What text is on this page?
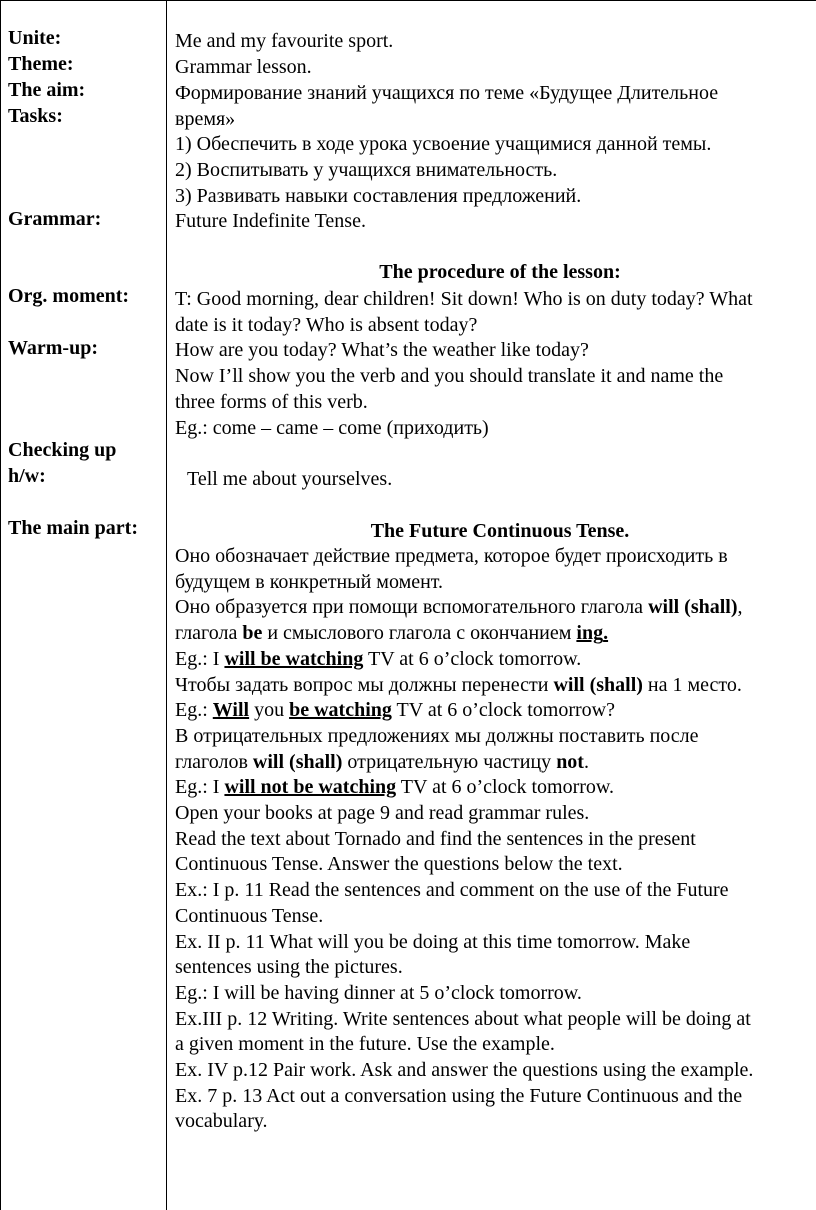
Unite:
Theme:
The aim:
Tasks:
Grammar:
Org. moment:
Warm-up:
Checking up
h/w:
The main part:
Me and my favourite sport.
Grammar lesson.
Формирование знаний учащихся по теме «Будущее Длительное
время»
1) Обеспечить в ходе урока усвоение учащимися данной темы.
2) Воспитывать у учащихся внимательность.
3) Развивать навыки составления предложений.
Future Indefinite Tense.
The procedure of the lesson:
T: Good morning, dear children! Sit down! Who is on duty today? What
date is it today? Who is absent today?
How are you today? What’s the weather like today?
Now I’ll show you the verb and you should translate it and name the
three forms of this verb.
Eg.: come – came – come (приходить)
Tell me about yourselves.
The Future Continuous Tense.
Оно обозначает действие предмета, которое будет происходить в
будущем в конкретный момент.
Оно образуется при помощи вспомогательного глагола will (shall),
глагола be и смыслового глагола с окончанием ing.
Eg.: I will be watching TV at 6 o’clock tomorrow.
Чтобы задать вопрос мы должны перенести will (shall) на 1 место.
Eg.: Will you be watching TV at 6 o’clock tomorrow?
В отрицательных предложениях мы должны поставить после
глаголов will (shall) отрицательную частицу not.
Eg.: I will not be watching TV at 6 o’clock tomorrow.
Open your books at page 9 and read grammar rules.
Read the text about Tornado and find the sentences in the present
Continuous Tense. Answer the questions below the text.
Ex.: I p. 11 Read the sentences and comment on the use of the Future
Continuous Tense.
Ex. II p. 11 What will you be doing at this time tomorrow. Make
sentences using the pictures.
Eg.: I will be having dinner at 5 o’clock tomorrow.
Ex.III p. 12 Writing. Write sentences about what people will be doing at
a given moment in the future. Use the example.
Ex. IV p.12 Pair work. Ask and answer the questions using the example.
Ex. 7 p. 13 Act out a conversation using the Future Continuous and the
vocabulary.
